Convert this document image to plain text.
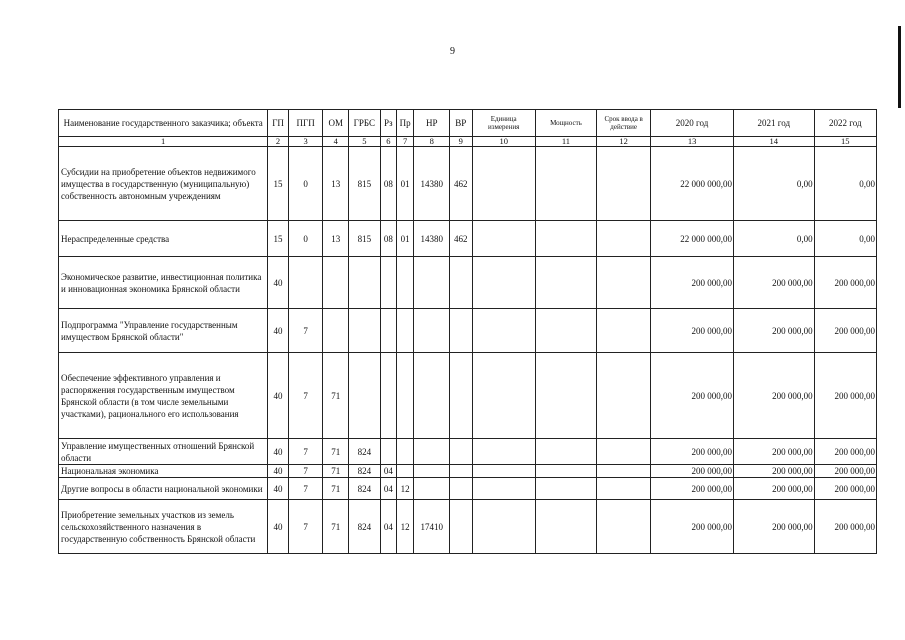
9
Наименование государственного заказчика; объекта	ГП	ПГП	ОМ	ГРБС	Рз	Пр	НР	ВР	Единица измерения	Мощность	Срок ввода в действие	2020 год	2021 год	2022 год
1	2	3	4	5	6	7	8	9	10	11	12	13	14	15
Субсидии на приобретение объектов недвижимого имущества в государственную (муниципальную) собственность автономным учреждениям	15	0	13	815	08	01	14380	462				22 000 000,00	0,00	0,00
Нераспределенные средства	15	0	13	815	08	01	14380	462				22 000 000,00	0,00	0,00
Экономическое развитие, инвестиционная политика и инновационная экономика Брянской области	40											200 000,00	200 000,00	200 000,00
Подпрограмма "Управление государственным имуществом Брянской области"	40	7										200 000,00	200 000,00	200 000,00
Обеспечение эффективного управления и распоряжения государственным имуществом Брянской области (в том числе земельными участками), рационального его использования	40	7	71									200 000,00	200 000,00	200 000,00
Управление имущественных отношений Брянской области	40	7	71	824								200 000,00	200 000,00	200 000,00
Национальная экономика	40	7	71	824	04							200 000,00	200 000,00	200 000,00
Другие вопросы в области национальной экономики	40	7	71	824	04	12						200 000,00	200 000,00	200 000,00
Приобретение земельных участков из земель сельскохозяйственного назначения в государственную собственность Брянской области	40	7	71	824	04	12	17410					200 000,00	200 000,00	200 000,00
